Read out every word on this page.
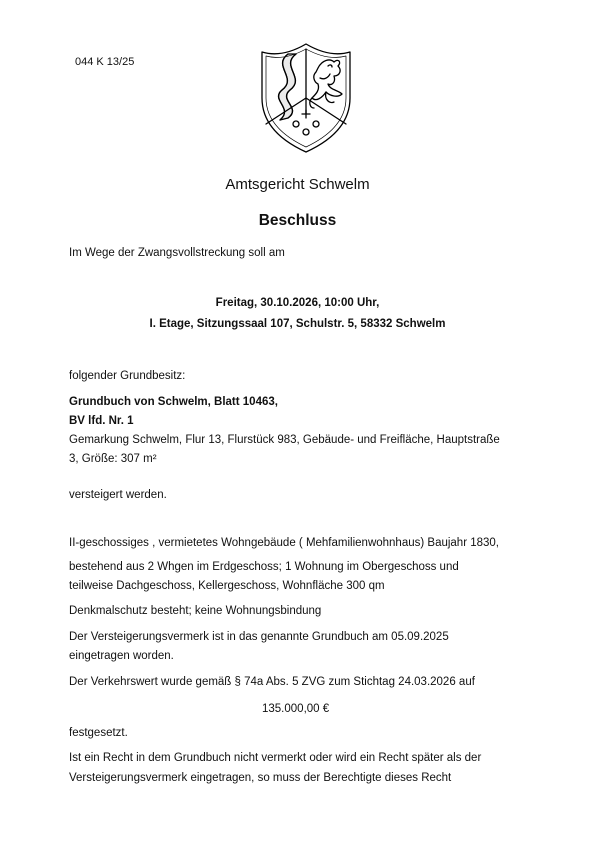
044 K 13/25
Amtsgericht Schwelm
Beschluss
Im Wege der Zwangsvollstreckung soll am
Freitag, 30.10.2026, 10:00 Uhr,
I. Etage, Sitzungssaal 107, Schulstr. 5, 58332 Schwelm
folgender Grundbesitz:
Grundbuch von Schwelm, Blatt 10463,
BV lfd. Nr. 1
Gemarkung Schwelm, Flur 13, Flurstück 983, Gebäude- und Freifläche, Hauptstraße
3, Größe: 307 m²
versteigert werden.
II-geschossiges , vermietetes Wohngebäude ( Mehfamilienwohnhaus) Baujahr 1830,
bestehend aus 2 Whgen im Erdgeschoss; 1 Wohnung im Obergeschoss und
teilweise Dachgeschoss, Kellergeschoss, Wohnfläche 300 qm
Denkmalschutz besteht; keine Wohnungsbindung
Der Versteigerungsvermerk ist in das genannte Grundbuch am 05.09.2025
eingetragen worden.
Der Verkehrswert wurde gemäß § 74a Abs. 5 ZVG zum Stichtag 24.03.2026 auf
135.000,00 €
festgesetzt.
Ist ein Recht in dem Grundbuch nicht vermerkt oder wird ein Recht später als der
Versteigerungsvermerk eingetragen, so muss der Berechtigte dieses Recht
